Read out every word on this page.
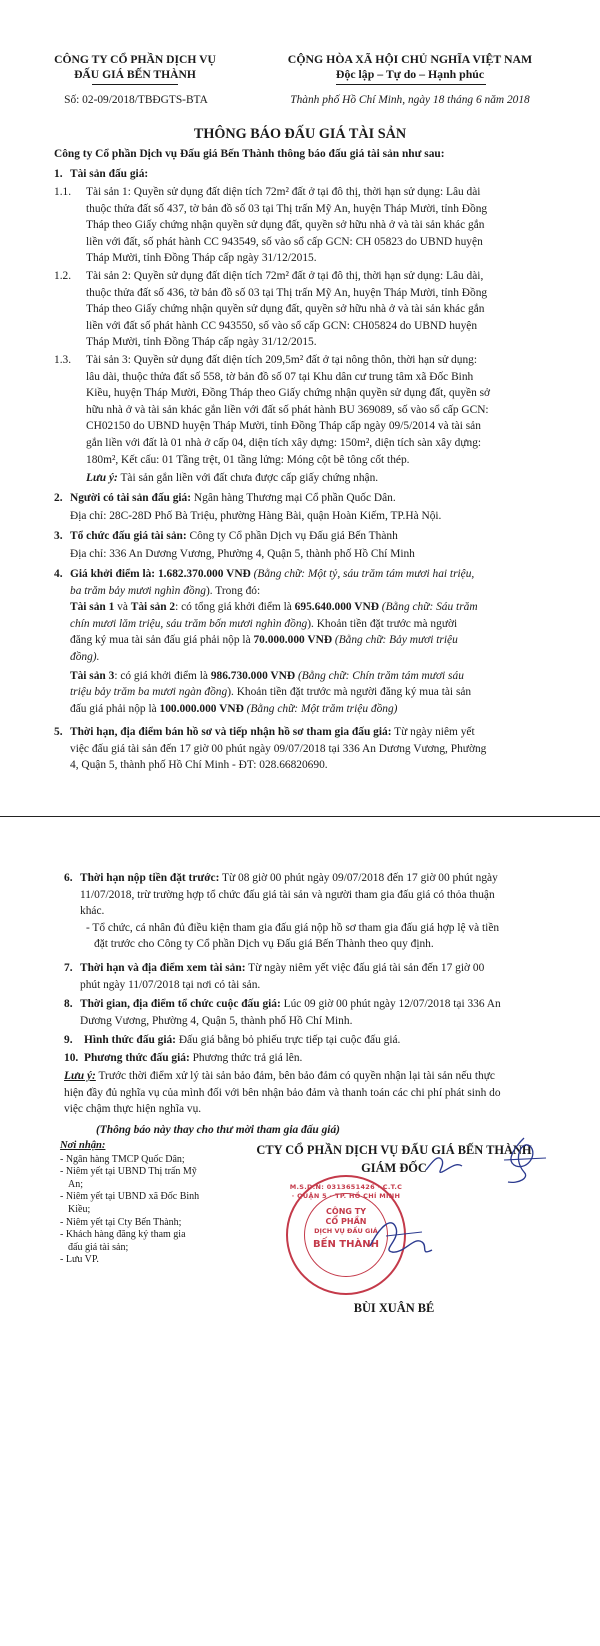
CÔNG TY CỔ PHẦN DỊCH VỤ
ĐẤU GIÁ BẾN THÀNH
Số: 02-09/2018/TBĐGTS-BTA
CỘNG HÒA XÃ HỘI CHỦ NGHĨA VIỆT NAM
Độc lập – Tự do – Hạnh phúc
Thành phố Hồ Chí Minh, ngày 18 tháng 6 năm 2018
THÔNG BÁO ĐẤU GIÁ TÀI SẢN
Công ty Cổ phần Dịch vụ Đấu giá Bến Thành thông báo đấu giá tài sản như sau:
1. Tài sản đấu giá:
1.1. Tài sản 1: Quyền sử dụng đất diện tích 72m² đất ở tại đô thị, thời hạn sử dụng: Lâu dài
thuộc thửa đất số 437, tờ bản đồ số 03 tại Thị trấn Mỹ An, huyện Tháp Mười, tỉnh Đồng
Tháp theo Giấy chứng nhận quyền sử dụng đất, quyền sở hữu nhà ở và tài sản khác gắn
liền với đất, số phát hành CC 943549, số vào sổ cấp GCN: CH 05823 do UBND huyện
Tháp Mười, tỉnh Đồng Tháp cấp ngày 31/12/2015.
1.2. Tài sản 2: Quyền sử dụng đất diện tích 72m² đất ở tại đô thị, thời hạn sử dụng: Lâu dài,
thuộc thửa đất số 436, tờ bản đồ số 03 tại Thị trấn Mỹ An, huyện Tháp Mười, tỉnh Đồng
Tháp theo Giấy chứng nhận quyền sử dụng đất, quyền sở hữu nhà ở và tài sản khác gắn
liền với đất số phát hành CC 943550, số vào sổ cấp GCN: CH05824 do UBND huyện
Tháp Mười, tỉnh Đồng Tháp cấp ngày 31/12/2015.
1.3. Tài sản 3: Quyền sử dụng đất diện tích 209,5m² đất ở tại nông thôn, thời hạn sử dụng:
lâu dài, thuộc thửa đất số 558, tờ bản đồ số 07 tại Khu dân cư trung tâm xã Đốc Binh
Kiều, huyện Tháp Mười, Đồng Tháp theo Giấy chứng nhận quyền sử dụng đất, quyền sở
hữu nhà ở và tài sản khác gắn liền với đất số phát hành BU 369089, số vào sổ cấp GCN:
CH02150 do UBND huyện Tháp Mười, tỉnh Đồng Tháp cấp ngày 09/5/2014 và tài sản
gắn liền với đất là 01 nhà ở cấp 04, diện tích xây dựng: 150m², diện tích sàn xây dựng:
180m², Kết cấu: 01 Tầng trệt, 01 tầng lửng: Móng cột bê tông cốt thép.
Lưu ý: Tài sản gắn liền với đất chưa được cấp giấy chứng nhận.
2. Người có tài sản đấu giá: Ngân hàng Thương mại Cổ phần Quốc Dân.
Địa chỉ: 28C-28D Phố Bà Triệu, phường Hàng Bài, quận Hoàn Kiếm, TP.Hà Nội.
3. Tổ chức đấu giá tài sản: Công ty Cổ phần Dịch vụ Đấu giá Bến Thành
Địa chỉ: 336 An Dương Vương, Phường 4, Quận 5, thành phố Hồ Chí Minh
4. Giá khởi điểm là: 1.682.370.000 VNĐ (Bằng chữ: Một tỷ, sáu trăm tám mươi hai triệu,
ba trăm bảy mươi nghìn đồng). Trong đó:
Tài sản 1 và Tài sản 2: có tổng giá khởi điểm là 695.640.000 VNĐ (Bằng chữ: Sáu trăm
chín mươi lăm triệu, sáu trăm bốn mươi nghìn đồng). Khoản tiền đặt trước mà người
đăng ký mua tài sản đấu giá phải nộp là 70.000.000 VNĐ (Bằng chữ: Bảy mươi triệu
đồng).
Tài sản 3: có giá khởi điểm là 986.730.000 VNĐ (Bằng chữ: Chín trăm tám mươi sáu
triệu bảy trăm ba mươi ngàn đồng). Khoản tiền đặt trước mà người đăng ký mua tài sản
đấu giá phải nộp là 100.000.000 VNĐ (Bằng chữ: Một trăm triệu đồng)
5. Thời hạn, địa điểm bán hồ sơ và tiếp nhận hồ sơ tham gia đấu giá: Từ ngày niêm yết
việc đấu giá tài sản đến 17 giờ 00 phút ngày 09/07/2018 tại 336 An Dương Vương, Phường
4, Quận 5, thành phố Hồ Chí Minh - ĐT: 028.66820690.
6. Thời hạn nộp tiền đặt trước: Từ 08 giờ 00 phút ngày 09/07/2018 đến 17 giờ 00 phút ngày
11/07/2018, trừ trường hợp tổ chức đấu giá tài sản và người tham gia đấu giá có thỏa thuận
khác.
- Tổ chức, cá nhân đủ điều kiện tham gia đấu giá nộp hồ sơ tham gia đấu giá hợp lệ và tiền
đặt trước cho Công ty Cổ phần Dịch vụ Đấu giá Bến Thành theo quy định.
7. Thời hạn và địa điểm xem tài sản: Từ ngày niêm yết việc đấu giá tài sản đến 17 giờ 00
phút ngày 11/07/2018 tại nơi có tài sản.
8. Thời gian, địa điểm tổ chức cuộc đấu giá: Lúc 09 giờ 00 phút ngày 12/07/2018 tại 336 An
Dương Vương, Phường 4, Quận 5, thành phố Hồ Chí Minh.
9. Hình thức đấu giá: Đấu giá bằng bỏ phiếu trực tiếp tại cuộc đấu giá.
10. Phương thức đấu giá: Phương thức trả giá lên.
Lưu ý: Trước thời điểm xử lý tài sản bảo đảm, bên bảo đảm có quyền nhận lại tài sản nếu thực
hiện đầy đủ nghĩa vụ của mình đối với bên nhận bảo đảm và thanh toán các chi phí phát sinh do
việc chậm thực hiện nghĩa vụ.
(Thông báo này thay cho thư mời tham gia đấu giá)
Nơi nhận:
- Ngân hàng TMCP Quốc Dân;
- Niêm yết tại UBND Thị trấn Mỹ
An;
- Niêm yết tại UBND xã Đốc Binh
Kiều;
- Niêm yết tại Cty Bến Thành;
- Khách hàng đăng ký tham gia
đấu giá tài sản;
- Lưu VP.
CTY CỔ PHẦN DỊCH VỤ ĐẤU GIÁ BẾN THÀNH
GIÁM ĐỐC
M.S.D.N: 0313651426 · C.T.C · QUẬN 5 - TP. HỒ CHÍ MINH
CÔNG TY
CỔ PHẦN
DỊCH VỤ ĐẤU GIÁ
BẾN THÀNH
BÙI XUÂN BÉ
